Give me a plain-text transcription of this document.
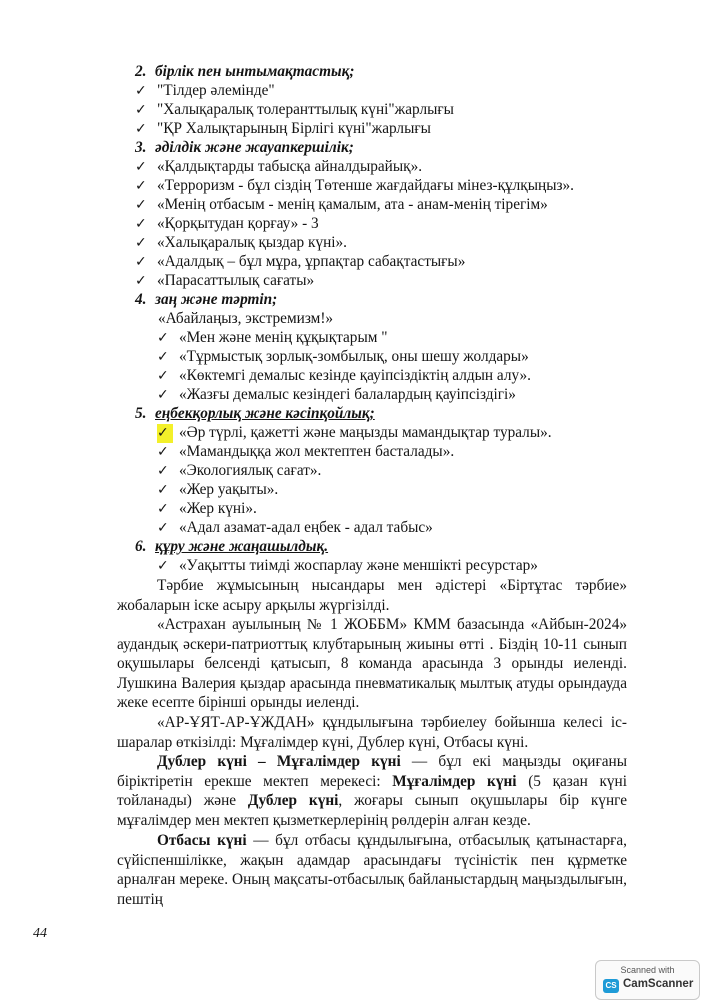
2. бірлік пен ынтымақтастық;
✓ "Тілдер әлемінде"
✓ "Халықаралық толеранттылық күні"жарлығы
✓ "ҚР Халықтарының Бірлігі күні"жарлығы
3. әділдік және жауапкершілік;
✓ «Қалдықтарды табысқа айналдырайық».
✓ «Терроризм - бұл сіздің Төтенше жағдайдағы мінез-құлқыңыз».
✓ «Менің отбасым - менің қамалым, ата - анам-менің тірегім»
✓ «Қорқытудан қорғау» - 3
✓ «Халықаралық қыздар күні».
✓ «Адалдық – бұл мұра, ұрпақтар сабақтастығы»
✓ «Парасаттылық сағаты»
4. заң және тәртіп;
«Абайлаңыз, экстремизм!»
✓ «Мен және менің құқықтарым "
✓ «Тұрмыстық зорлық-зомбылық, оны шешу жолдары»
✓ «Көктемгі демалыс кезінде қауіпсіздіктің алдын алу».
✓ «Жазғы демалыс кезіндегі балалардың қауіпсіздігі»
5. еңбекқорлық және кәсіпқойлық;
✓ «Әр түрлі, қажетті және маңызды мамандықтар туралы».
✓ «Мамандыққа жол мектептен басталады».
✓ «Экологиялық сағат».
✓ «Жер уақыты».
✓ «Жер күні».
✓ «Адал азамат-адал еңбек - адал табыс»
6. құру және жаңашылдық.
✓ «Уақытты тиімді жоспарлау және меншікті ресурстар»
Тәрбие жұмысының нысандары мен әдістері «Біртұтас тәрбие» жобаларын іске асыру арқылы жүргізілді.
«Астрахан ауылының № 1 ЖОББМ» КММ базасында «Айбын-2024» аудандық әскери-патриоттық клубтарының жиыны өтті . Біздің 10-11 сынып оқушылары белсенді қатысып, 8 команда арасында 3 орынды иеленді. Лушкина Валерия қыздар арасында пневматикалық мылтық атуды орындауда жеке есепте бірінші орынды иеленді.
«АР-ҰЯТ-АР-ҰЖДАН» құндылығына тәрбиелеу бойынша келесі іс-шаралар өткізілді: Мұғалімдер күні, Дублер күні, Отбасы күні.
Дублер күні – Мұғалімдер күні — бұл екі маңызды оқиғаны біріктіретін ерекше мектеп мерекесі: Мұғалімдер күні (5 қазан күні тойланады) және Дублер күні, жоғары сынып оқушылары бір күнге мұғалімдер мен мектеп қызметкерлерінің рөлдерін алған кезде.
Отбасы күні — бұл отбасы құндылығына, отбасылық қатынастарға, сүйіспеншілікке, жақын адамдар арасындағы түсіністік пен құрметке арналған мереке. Оның мақсаты-отбасылық байланыстардың маңыздылығын, пештің
44
Scanned with
CS CamScanner
